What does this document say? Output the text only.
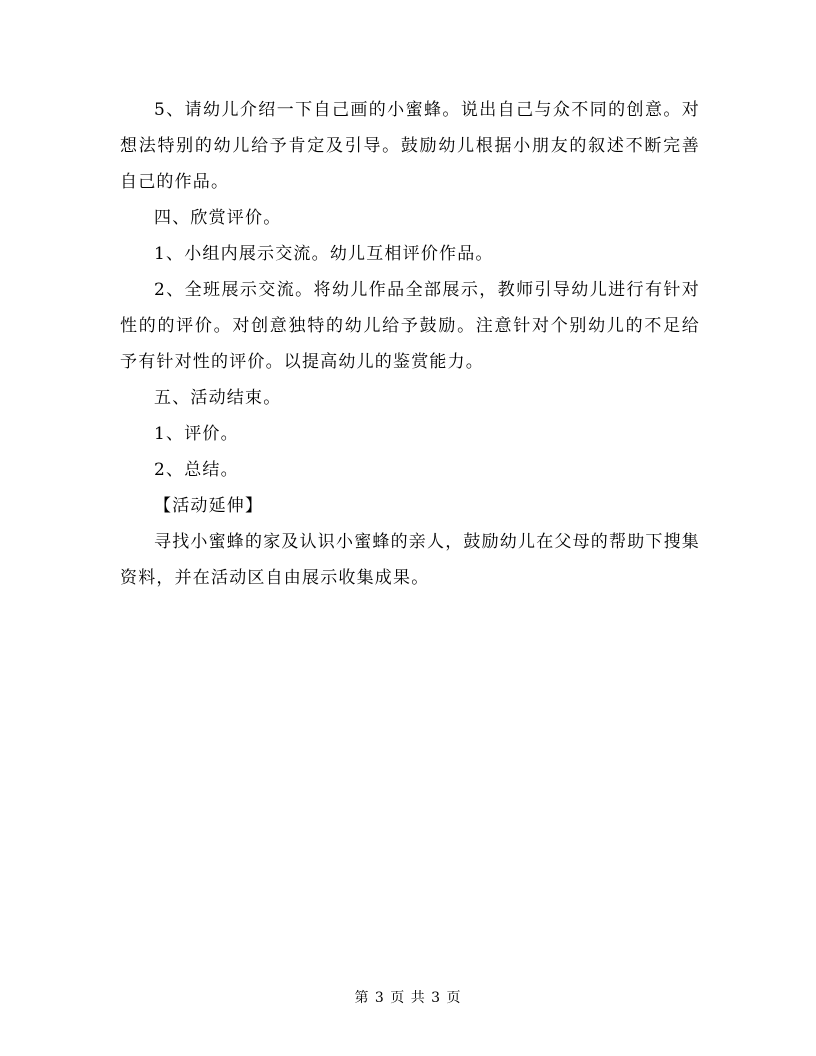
5、请幼儿介绍一下自己画的小蜜蜂。说出自己与众不同的创意。对想法特别的幼儿给予肯定及引导。鼓励幼儿根据小朋友的叙述不断完善自己的作品。

四、欣赏评价。

1、小组内展示交流。幼儿互相评价作品。

2、全班展示交流。将幼儿作品全部展示，教师引导幼儿进行有针对性的的评价。对创意独特的幼儿给予鼓励。注意针对个别幼儿的不足给予有针对性的评价。以提高幼儿的鉴赏能力。

五、活动结束。

1、评价。

2、总结。

【活动延伸】

寻找小蜜蜂的家及认识小蜜蜂的亲人，鼓励幼儿在父母的帮助下搜集资料，并在活动区自由展示收集成果。

第 3 页 共 3 页
